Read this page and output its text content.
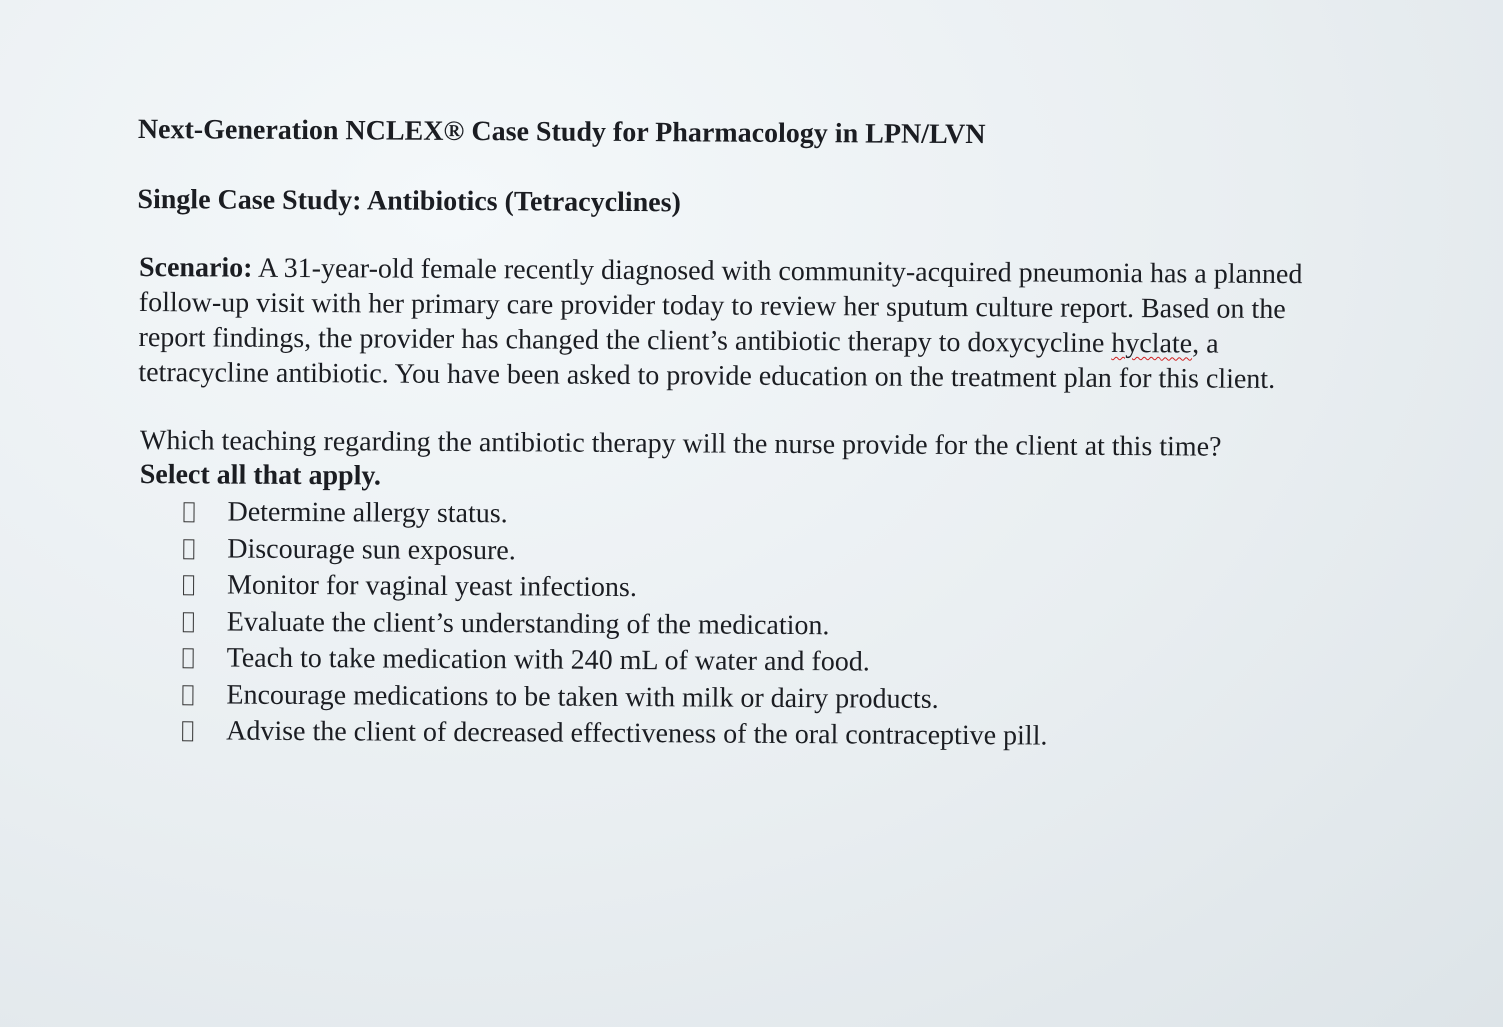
Next-Generation NCLEX® Case Study for Pharmacology in LPN/LVN

Single Case Study: Antibiotics (Tetracyclines)

Scenario: A 31-year-old female recently diagnosed with community-acquired pneumonia has a planned follow-up visit with her primary care provider today to review her sputum culture report. Based on the report findings, the provider has changed the client’s antibiotic therapy to doxycycline hyclate, a tetracycline antibiotic. You have been asked to provide education on the treatment plan for this client.

Which teaching regarding the antibiotic therapy will the nurse provide for the client at this time?
Select all that apply.
Determine allergy status.
Discourage sun exposure.
Monitor for vaginal yeast infections.
Evaluate the client’s understanding of the medication.
Teach to take medication with 240 mL of water and food.
Encourage medications to be taken with milk or dairy products.
Advise the client of decreased effectiveness of the oral contraceptive pill.
